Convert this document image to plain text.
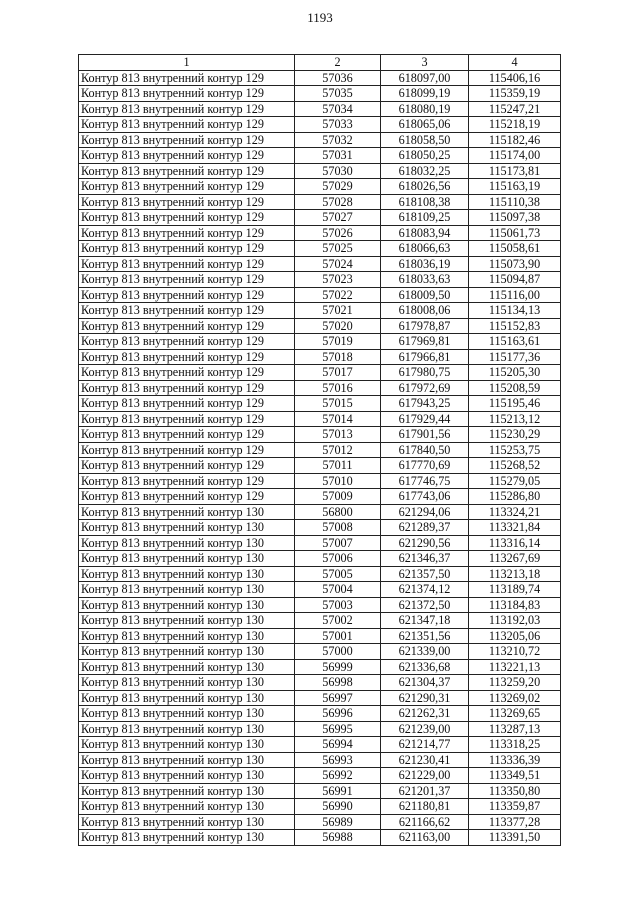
1193
1	2	3	4
Контур 813 внутренний контур 129	57036	618097,00	115406,16
Контур 813 внутренний контур 129	57035	618099,19	115359,19
Контур 813 внутренний контур 129	57034	618080,19	115247,21
Контур 813 внутренний контур 129	57033	618065,06	115218,19
Контур 813 внутренний контур 129	57032	618058,50	115182,46
Контур 813 внутренний контур 129	57031	618050,25	115174,00
Контур 813 внутренний контур 129	57030	618032,25	115173,81
Контур 813 внутренний контур 129	57029	618026,56	115163,19
Контур 813 внутренний контур 129	57028	618108,38	115110,38
Контур 813 внутренний контур 129	57027	618109,25	115097,38
Контур 813 внутренний контур 129	57026	618083,94	115061,73
Контур 813 внутренний контур 129	57025	618066,63	115058,61
Контур 813 внутренний контур 129	57024	618036,19	115073,90
Контур 813 внутренний контур 129	57023	618033,63	115094,87
Контур 813 внутренний контур 129	57022	618009,50	115116,00
Контур 813 внутренний контур 129	57021	618008,06	115134,13
Контур 813 внутренний контур 129	57020	617978,87	115152,83
Контур 813 внутренний контур 129	57019	617969,81	115163,61
Контур 813 внутренний контур 129	57018	617966,81	115177,36
Контур 813 внутренний контур 129	57017	617980,75	115205,30
Контур 813 внутренний контур 129	57016	617972,69	115208,59
Контур 813 внутренний контур 129	57015	617943,25	115195,46
Контур 813 внутренний контур 129	57014	617929,44	115213,12
Контур 813 внутренний контур 129	57013	617901,56	115230,29
Контур 813 внутренний контур 129	57012	617840,50	115253,75
Контур 813 внутренний контур 129	57011	617770,69	115268,52
Контур 813 внутренний контур 129	57010	617746,75	115279,05
Контур 813 внутренний контур 129	57009	617743,06	115286,80
Контур 813 внутренний контур 130	56800	621294,06	113324,21
Контур 813 внутренний контур 130	57008	621289,37	113321,84
Контур 813 внутренний контур 130	57007	621290,56	113316,14
Контур 813 внутренний контур 130	57006	621346,37	113267,69
Контур 813 внутренний контур 130	57005	621357,50	113213,18
Контур 813 внутренний контур 130	57004	621374,12	113189,74
Контур 813 внутренний контур 130	57003	621372,50	113184,83
Контур 813 внутренний контур 130	57002	621347,18	113192,03
Контур 813 внутренний контур 130	57001	621351,56	113205,06
Контур 813 внутренний контур 130	57000	621339,00	113210,72
Контур 813 внутренний контур 130	56999	621336,68	113221,13
Контур 813 внутренний контур 130	56998	621304,37	113259,20
Контур 813 внутренний контур 130	56997	621290,31	113269,02
Контур 813 внутренний контур 130	56996	621262,31	113269,65
Контур 813 внутренний контур 130	56995	621239,00	113287,13
Контур 813 внутренний контур 130	56994	621214,77	113318,25
Контур 813 внутренний контур 130	56993	621230,41	113336,39
Контур 813 внутренний контур 130	56992	621229,00	113349,51
Контур 813 внутренний контур 130	56991	621201,37	113350,80
Контур 813 внутренний контур 130	56990	621180,81	113359,87
Контур 813 внутренний контур 130	56989	621166,62	113377,28
Контур 813 внутренний контур 130	56988	621163,00	113391,50
